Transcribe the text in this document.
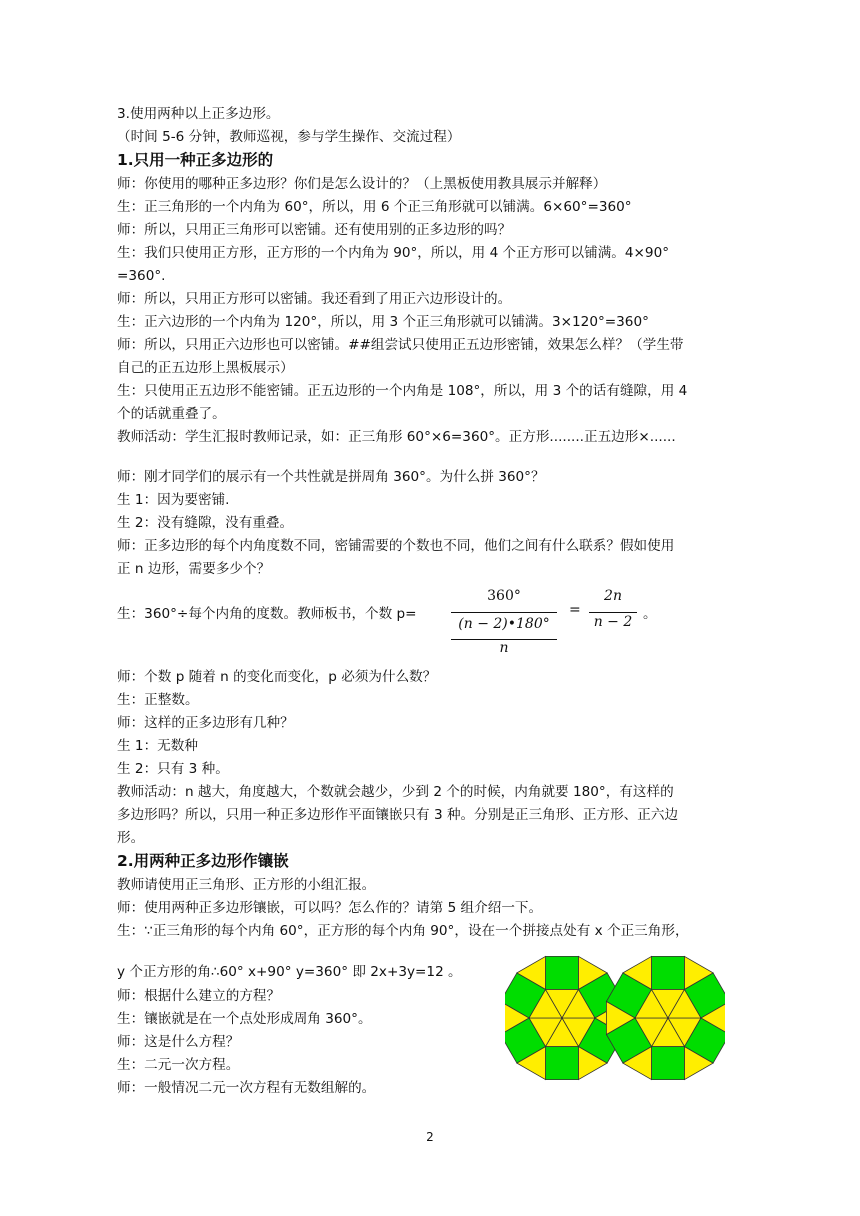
3.使用两种以上正多边形。
（时间 5-6 分钟，教师巡视，参与学生操作、交流过程）
1.只用一种正多边形的
师：你使用的哪种正多边形？你们是怎么设计的？（上黑板使用教具展示并解释）
生：正三角形的一个内角为 60°，所以，用 6 个正三角形就可以铺满。6×60°=360°
师：所以，只用正三角形可以密铺。还有使用别的正多边形的吗？
生：我们只使用正方形，正方形的一个内角为 90°，所以，用 4 个正方形可以铺满。4×90°
=360°.
师：所以，只用正方形可以密铺。我还看到了用正六边形设计的。
生：正六边形的一个内角为 120°，所以，用 3 个正三角形就可以铺满。3×120°=360°
师：所以，只用正六边形也可以密铺。##组尝试只使用正五边形密铺，效果怎么样？（学生带
自己的正五边形上黑板展示）
生：只使用正五边形不能密铺。正五边形的一个内角是 108°，所以，用 3 个的话有缝隙，用 4
个的话就重叠了。
教师活动：学生汇报时教师记录，如：正三角形 60°×6=360°。正方形........正五边形×......
师：刚才同学们的展示有一个共性就是拼周角 360°。为什么拼 360°？
生 1：因为要密铺.
生 2：没有缝隙，没有重叠。
师：正多边形的每个内角度数不同，密铺需要的个数也不同，他们之间有什么联系？假如使用
正 n 边形，需要多少个？
生：360°÷每个内角的度数。教师板书，个数 p=
360°
(n − 2)•180°
n
=
2n
n − 2 。
师：个数 p 随着 n 的变化而变化，p 必须为什么数？
生：正整数。
师：这样的正多边形有几种？
生 1：无数种
生 2：只有 3 种。
教师活动：n 越大，角度越大，个数就会越少，少到 2 个的时候，内角就要 180°，有这样的
多边形吗？所以，只用一种正多边形作平面镶嵌只有 3 种。分别是正三角形、正方形、正六边
形。
2.用两种正多边形作镶嵌
教师请使用正三角形、正方形的小组汇报。
师：使用两种正多边形镶嵌，可以吗？怎么作的？请第 5 组介绍一下。
生：∵正三角形的每个内角 60°，正方形的每个内角 90°，设在一个拼接点处有 x 个正三角形，
y 个正方形的角∴60° x+90° y=360° 即 2x+3y=12 。
师：根据什么建立的方程？
生：镶嵌就是在一个点处形成周角 360°。
师：这是什么方程？
生：二元一次方程。
师：一般情况二元一次方程有无数组解的。
2
